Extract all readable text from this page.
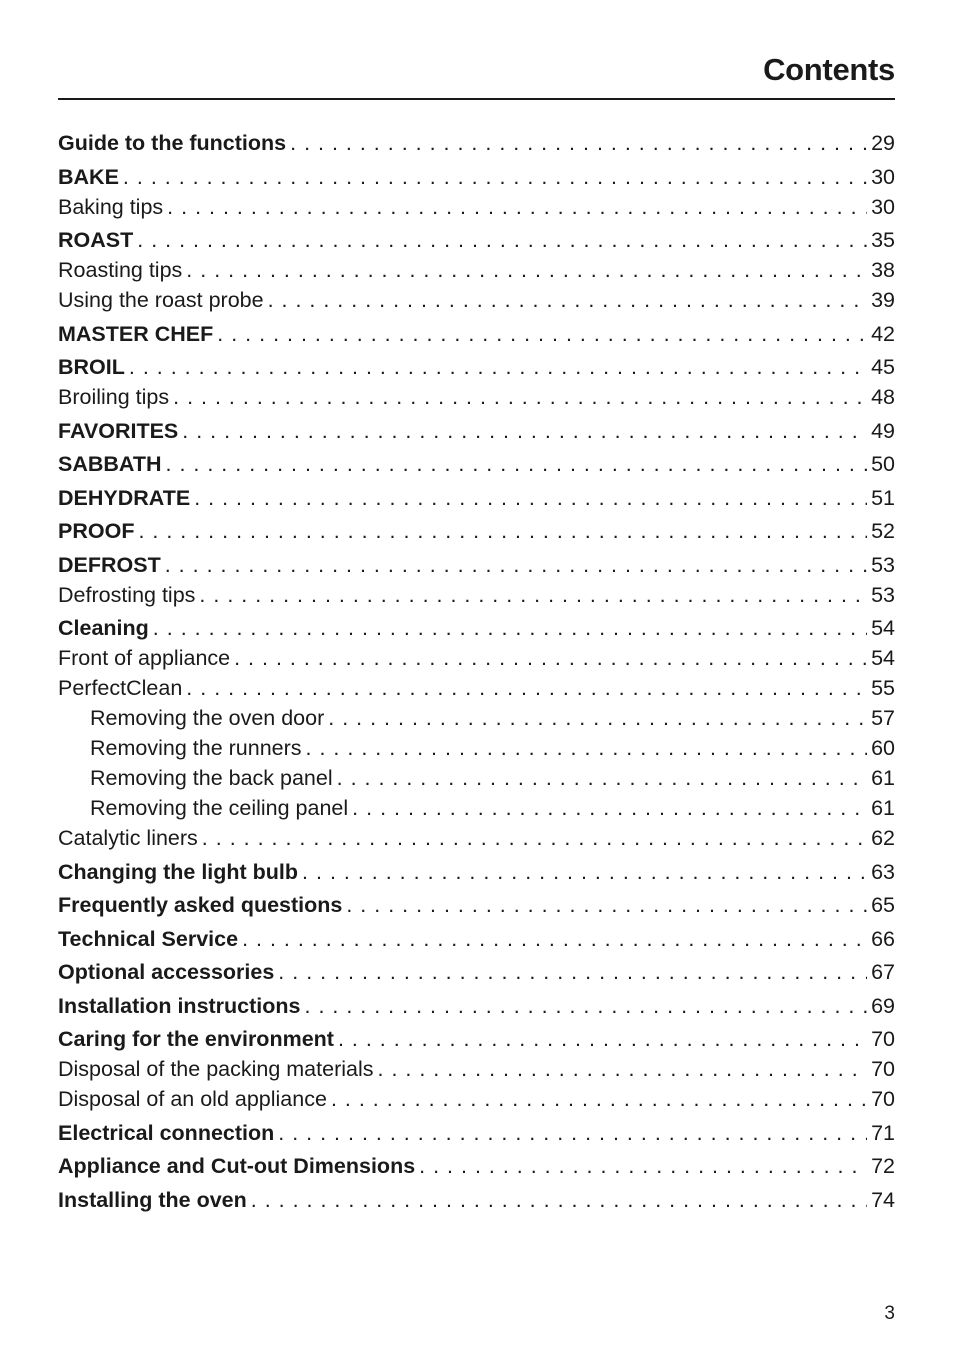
Contents
Guide to the functions . . .	29
BAKE . . .	30
Baking tips . . .	30
ROAST . . .	35
Roasting tips . . .	38
Using the roast probe . . .	39
MASTER CHEF . . .	42
BROIL . . .	45
Broiling tips . . .	48
FAVORITES . . .	49
SABBATH . . .	50
DEHYDRATE . . .	51
PROOF . . .	52
DEFROST . . .	53
Defrosting tips . . .	53
Cleaning . . .	54
Front of appliance . . .	54
PerfectClean . . .	55
Removing the oven door . . .	57
Removing the runners . . .	60
Removing the back panel . . .	61
Removing the ceiling panel . . .	61
Catalytic liners . . .	62
Changing the light bulb . . .	63
Frequently asked questions . . .	65
Technical Service . . .	66
Optional accessories . . .	67
Installation instructions . . .	69
Caring for the environment . . .	70
Disposal of the packing materials . . .	70
Disposal of an old appliance . . .	70
Electrical connection . . .	71
Appliance and Cut-out Dimensions . . .	72
Installing the oven . . .	74
3
